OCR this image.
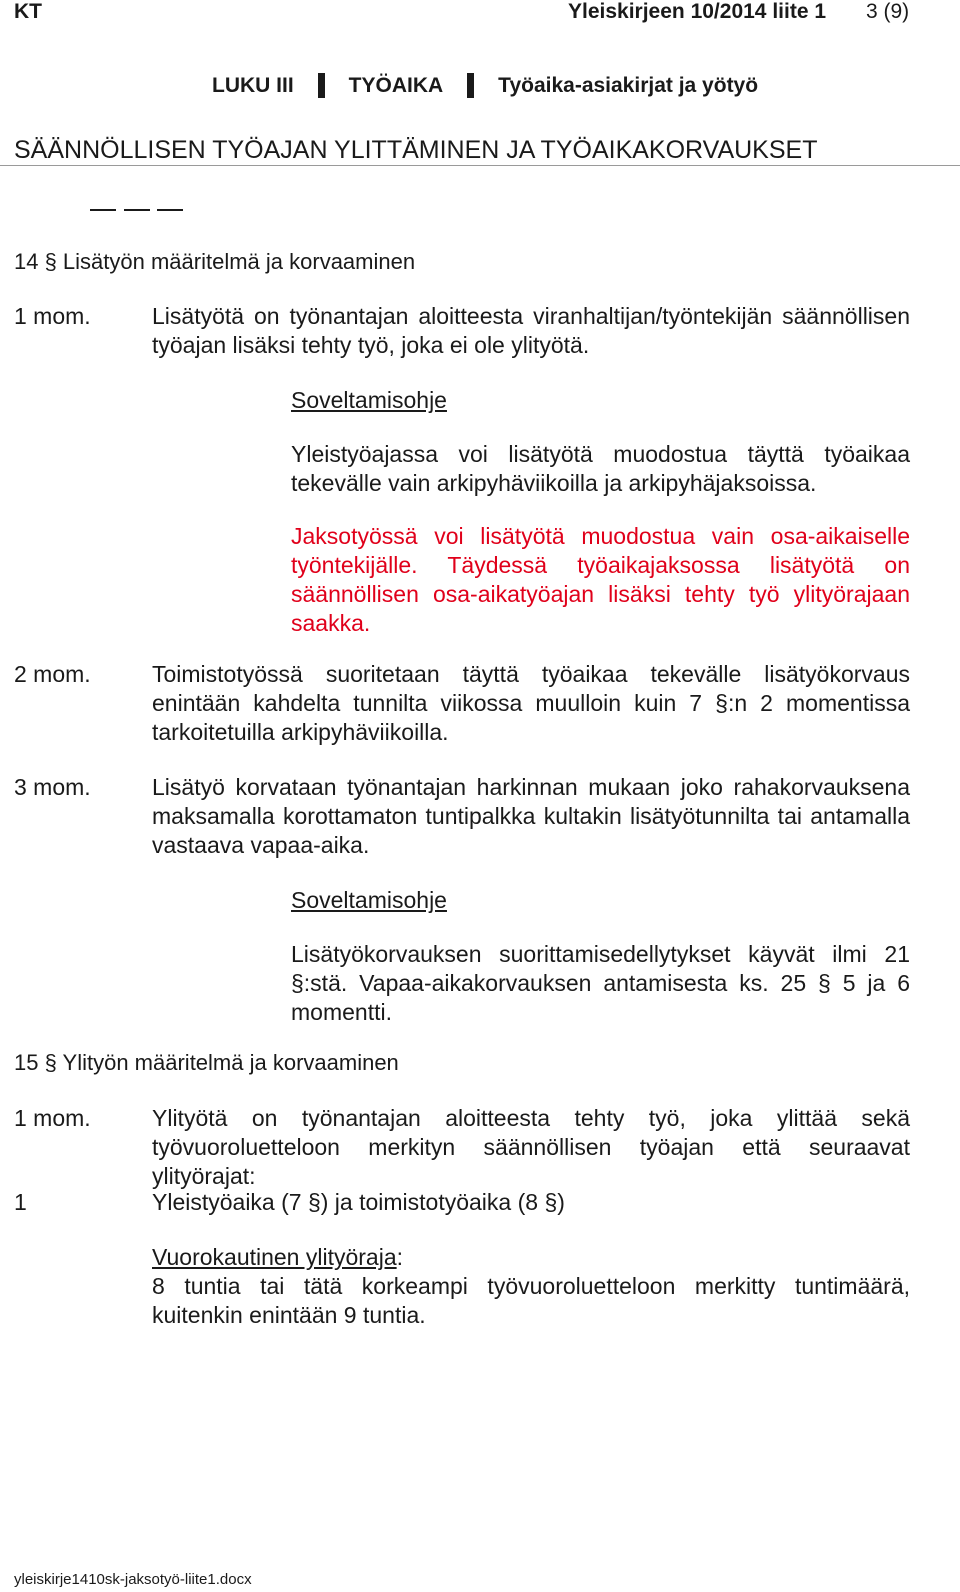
KT	Yleiskirjeen 10/2014 liite 1 3 (9)
LUKU III	TYÖAIKA	Työaika-asiakirjat ja yötyö
SÄÄNNÖLLISEN TYÖAJAN YLITTÄMINEN JA TYÖAIKAKORVAUKSET
14 § Lisätyön määritelmä ja korvaaminen
1 mom.	Lisätyötä on työnantajan aloitteesta viranhaltijan/työntekijän säännöllisen työajan lisäksi tehty työ, joka ei ole ylityötä.
Soveltamisohje
Yleistyöajassa voi lisätyötä muodostua täyttä työaikaa tekevälle vain arkipyhäviikoilla ja arkipyhäjaksoissa.
Jaksotyössä voi lisätyötä muodostua vain osa-aikaiselle työntekijälle. Täydessä työaikajaksossa lisätyötä on säännöllisen osa-aikatyöajan lisäksi tehty työ ylityörajaan saakka.
2 mom.	Toimistotyössä suoritetaan täyttä työaikaa tekevälle lisätyökorvaus enintään kahdelta tunnilta viikossa muulloin kuin 7 §:n 2 momentissa tarkoitetuilla arkipyhäviikoilla.
3 mom.	Lisätyö korvataan työnantajan harkinnan mukaan joko rahakorvauksena maksamalla korottamaton tuntipalkka kultakin lisätyötunnilta tai antamalla vastaava vapaa-aika.
Soveltamisohje
Lisätyökorvauksen suorittamisedellytykset käyvät ilmi 21 §:stä. Vapaa-aikakorvauksen antamisesta ks. 25 § 5 ja 6 momentti.
15 § Ylityön määritelmä ja korvaaminen
1 mom.	Ylityötä on työnantajan aloitteesta tehty työ, joka ylittää sekä työvuoroluetteloon merkityn säännöllisen työajan että seuraavat ylityörajat:
1	Yleistyöaika (7 §) ja toimistotyöaika (8 §)
Vuorokautinen ylityöraja:
8 tuntia tai tätä korkeampi työvuoroluetteloon merkitty tuntimäärä, kuitenkin enintään 9 tuntia.
yleiskirje1410sk-jaksotyö-liite1.docx
